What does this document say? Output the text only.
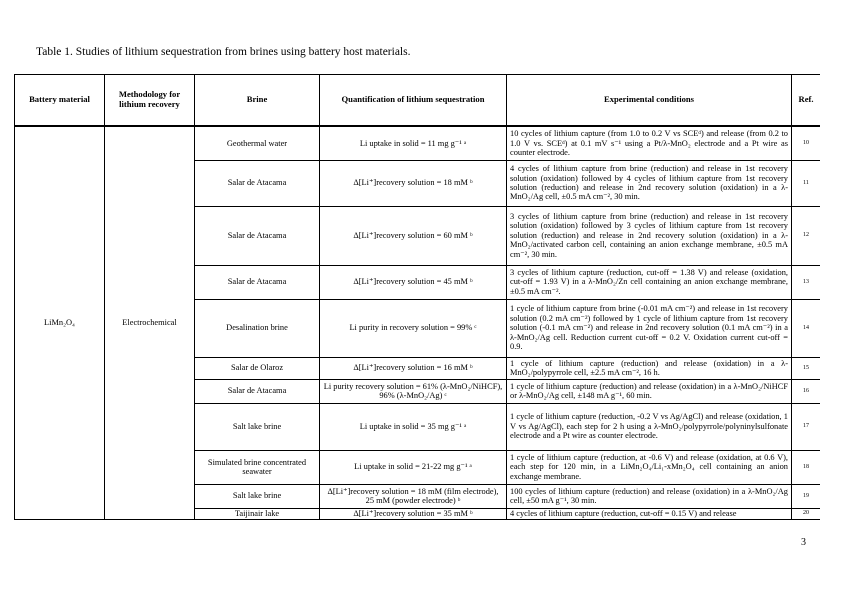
Table 1. Studies of lithium sequestration from brines using battery host materials.
Battery material	Methodology for lithium recovery	Brine	Quantification of lithium sequestration	Experimental conditions	Ref.
LiMn₂O₄	Electrochemical	Geothermal water	Li uptake in solid = 11 mg g⁻¹ ᵃ	10 cycles of lithium capture (from 1.0 to 0.2 V vs SCEᵈ) and release (from 0.2 to 1.0 V vs. SCEᵈ) at 0.1 mV s⁻¹ using a Pt/λ-MnO₂ electrode and a Pt wire as counter electrode.	10
		Salar de Atacama	Δ[Li⁺]recovery solution = 18 mM ᵇ	4 cycles of lithium capture from brine (reduction) and release in 1st recovery solution (oxidation) followed by 4 cycles of lithium capture from 1st recovery solution (reduction) and release in 2nd recovery solution (oxidation) in a λ-MnO₂/Ag cell, ±0.5 mA cm⁻², 30 min.	11
		Salar de Atacama	Δ[Li⁺]recovery solution = 60 mM ᵇ	3 cycles of lithium capture from brine (reduction) and release in 1st recovery solution (oxidation) followed by 3 cycles of lithium capture from 1st recovery solution (reduction) and release in 2nd recovery solution (oxidation) in a λ-MnO₂/activated carbon cell, containing an anion exchange membrane, ±0.5 mA cm⁻², 30 min.	12
		Salar de Atacama	Δ[Li⁺]recovery solution = 45 mM ᵇ	3 cycles of lithium capture (reduction, cut-off = 1.38 V) and release (oxidation, cut-off = 1.93 V) in a λ-MnO₂/Zn cell containing an anion exchange membrane, ±0.5 mA cm⁻².	13
		Desalination brine	Li purity in recovery solution = 99% ᶜ	1 cycle of lithium capture from brine (-0.01 mA cm⁻²) and release in 1st recovery solution (0.2 mA cm⁻²) followed by 1 cycle of lithium capture from 1st recovery solution (-0.1 mA cm⁻²) and release in 2nd recovery solution (0.1 mA cm⁻²) in a λ-MnO₂/Ag cell. Reduction current cut-off = 0.2 V. Oxidation current cut-off = 0.9.	14
		Salar de Olaroz	Δ[Li⁺]recovery solution = 16 mM ᵇ	1 cycle of lithium capture (reduction) and release (oxidation) in a λ-MnO₂/polypyrrole cell, ±2.5 mA cm⁻², 16 h.	15
		Salar de Atacama	Li purity recovery solution = 61% (λ-MnO₂/NiHCF), 96% (λ-MnO₂/Ag) ᶜ	1 cycle of lithium capture (reduction) and release (oxidation) in a λ-MnO₂/NiHCF or λ-MnO₂/Ag cell, ±148 mA g⁻¹, 60 min.	16
		Salt lake brine	Li uptake in solid = 35 mg g⁻¹ ᵃ	1 cycle of lithium capture (reduction, -0.2 V vs Ag/AgCl) and release (oxidation, 1 V vs Ag/AgCl), each step for 2 h using a λ-MnO₂/polypyrrole/polyninylsulfonate electrode and a Pt wire as counter electrode.	17
		Simulated brine concentrated seawater	Li uptake in solid = 21-22 mg g⁻¹ ᵃ	1 cycle of lithium capture (reduction, at -0.6 V) and release (oxidation, at 0.6 V), each step for 120 min, in a LiMn₂O₄/Li₁-xMn₂O₄ cell containing an anion exchange membrane.	18
		Salt lake brine	Δ[Li⁺]recovery solution = 18 mM (film electrode), 25 mM (powder electrode) ᵇ	100 cycles of lithium capture (reduction) and release (oxidation) in a λ-MnO₂/Ag cell, ±50 mA g⁻¹, 30 min.	19
		Taijinair lake	Δ[Li⁺]recovery solution = 35 mM ᵇ	4 cycles of lithium capture (reduction, cut-off = 0.15 V) and release	20
3
